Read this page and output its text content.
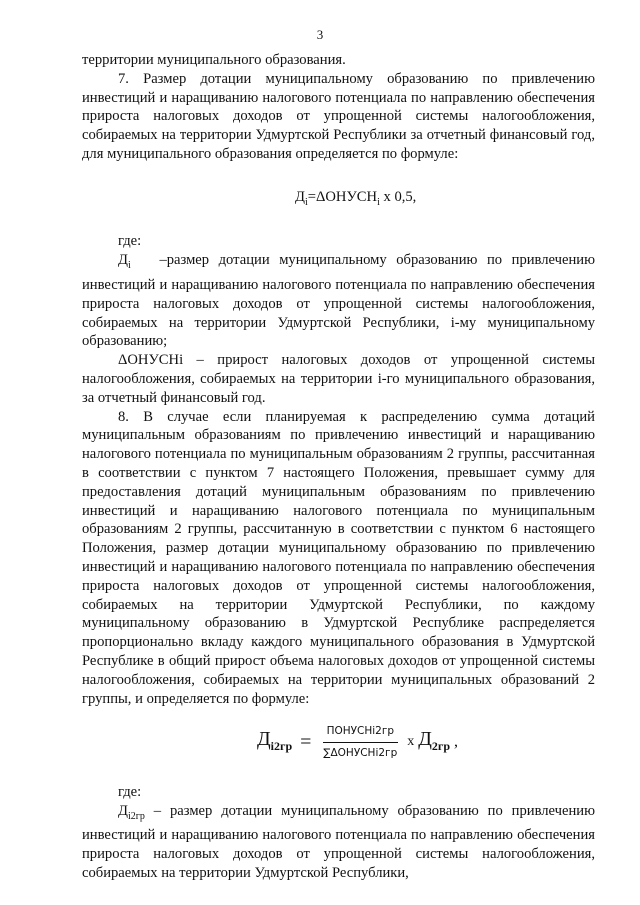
3

территории муниципального образования.

7. Размер дотации муниципальному образованию по привлечению инвестиций и наращиванию налогового потенциала по направлению обеспечения прироста налоговых доходов от упрощенной системы налогообложения, собираемых на территории Удмуртской Республики за отчетный финансовый год, для муниципального образования определяется по формуле:

$Д_i=\Delta ОНУСН_i$ x 0,5,

где:

$Д_i$ –размер дотации муниципальному образованию по привлечению инвестиций и наращиванию налогового потенциала по направлению обеспечения прироста налоговых доходов от упрощенной системы налогообложения, собираемых на территории Удмуртской Республики, i-му муниципальному образованию;

ΔОНУСНi – прирост налоговых доходов от упрощенной системы налогообложения, собираемых на территории i-го муниципального образования, за отчетный финансовый год.

8. В случае если планируемая к распределению сумма дотаций муниципальным образованиям по привлечению инвестиций и наращиванию налогового потенциала по муниципальным образованиям 2 группы, рассчитанная в соответствии с пунктом 7 настоящего Положения, превышает сумму для предоставления дотаций муниципальным образованиям по привлечению инвестиций и наращиванию налогового потенциала по муниципальным образованиям 2 группы, рассчитанную в соответствии с пунктом 6 настоящего Положения, размер дотации муниципальному образованию по привлечению инвестиций и наращиванию налогового потенциала по направлению обеспечения прироста налоговых доходов от упрощенной системы налогообложения, собираемых на территории Удмуртской Республики, по каждому муниципальному образованию в Удмуртской Республике распределяется пропорционально вкладу каждого муниципального образования в Удмуртской Республике в общий прирост объема налоговых доходов от упрощенной системы налогообложения, собираемых на территории муниципальных образований 2 группы, и определяется по формуле:

$Д_{i2гр} = \frac{\text{ПОНУСНi2гр}}{\text{∑ΔОНУСНi2гр}}$ х $Д_{2гр}$ ,

где:

$Д_{i2гр}$ – размер дотации муниципальному образованию по привлечению инвестиций и наращиванию налогового потенциала по направлению обеспечения прироста налоговых доходов от упрощенной системы налогообложения, собираемых на территории Удмуртской Республики,
